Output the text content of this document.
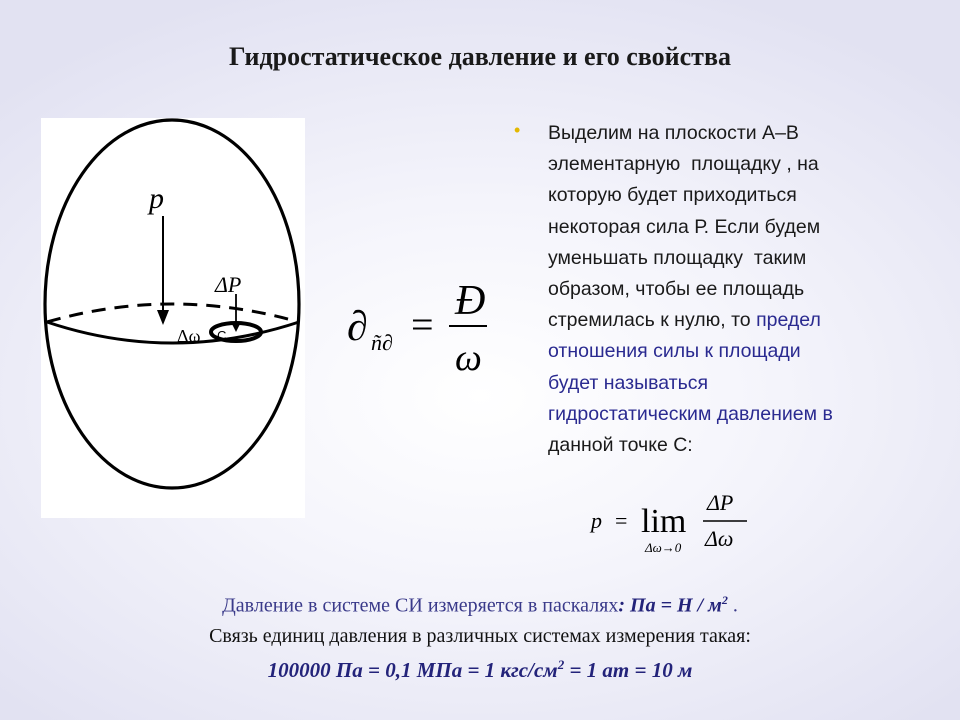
Гидростатическое давление и его свойства
p
ΔP
Δω C	∂ ñ∂ =
Ð
ω
• Выделим на плоскости А–В
элементарную  площадку , на
которую будет приходиться
некоторая сила Р. Если будем
уменьшать площадку  таким
образом, чтобы ее площадь
стремилась к нулю, то предел
отношения силы к площади
будет называться
гидростатическим давлением в
данной точке С:
p = lim
Δω→0
ΔP
Δω
Давление в системе СИ измеряется в паскалях: Па = Н / $м^2$ .
Связь единиц давления в различных системах измерения такая:
100000 Па = 0,1 МПа = 1 кгс/$см^2 = 1$ ат = 10 м
